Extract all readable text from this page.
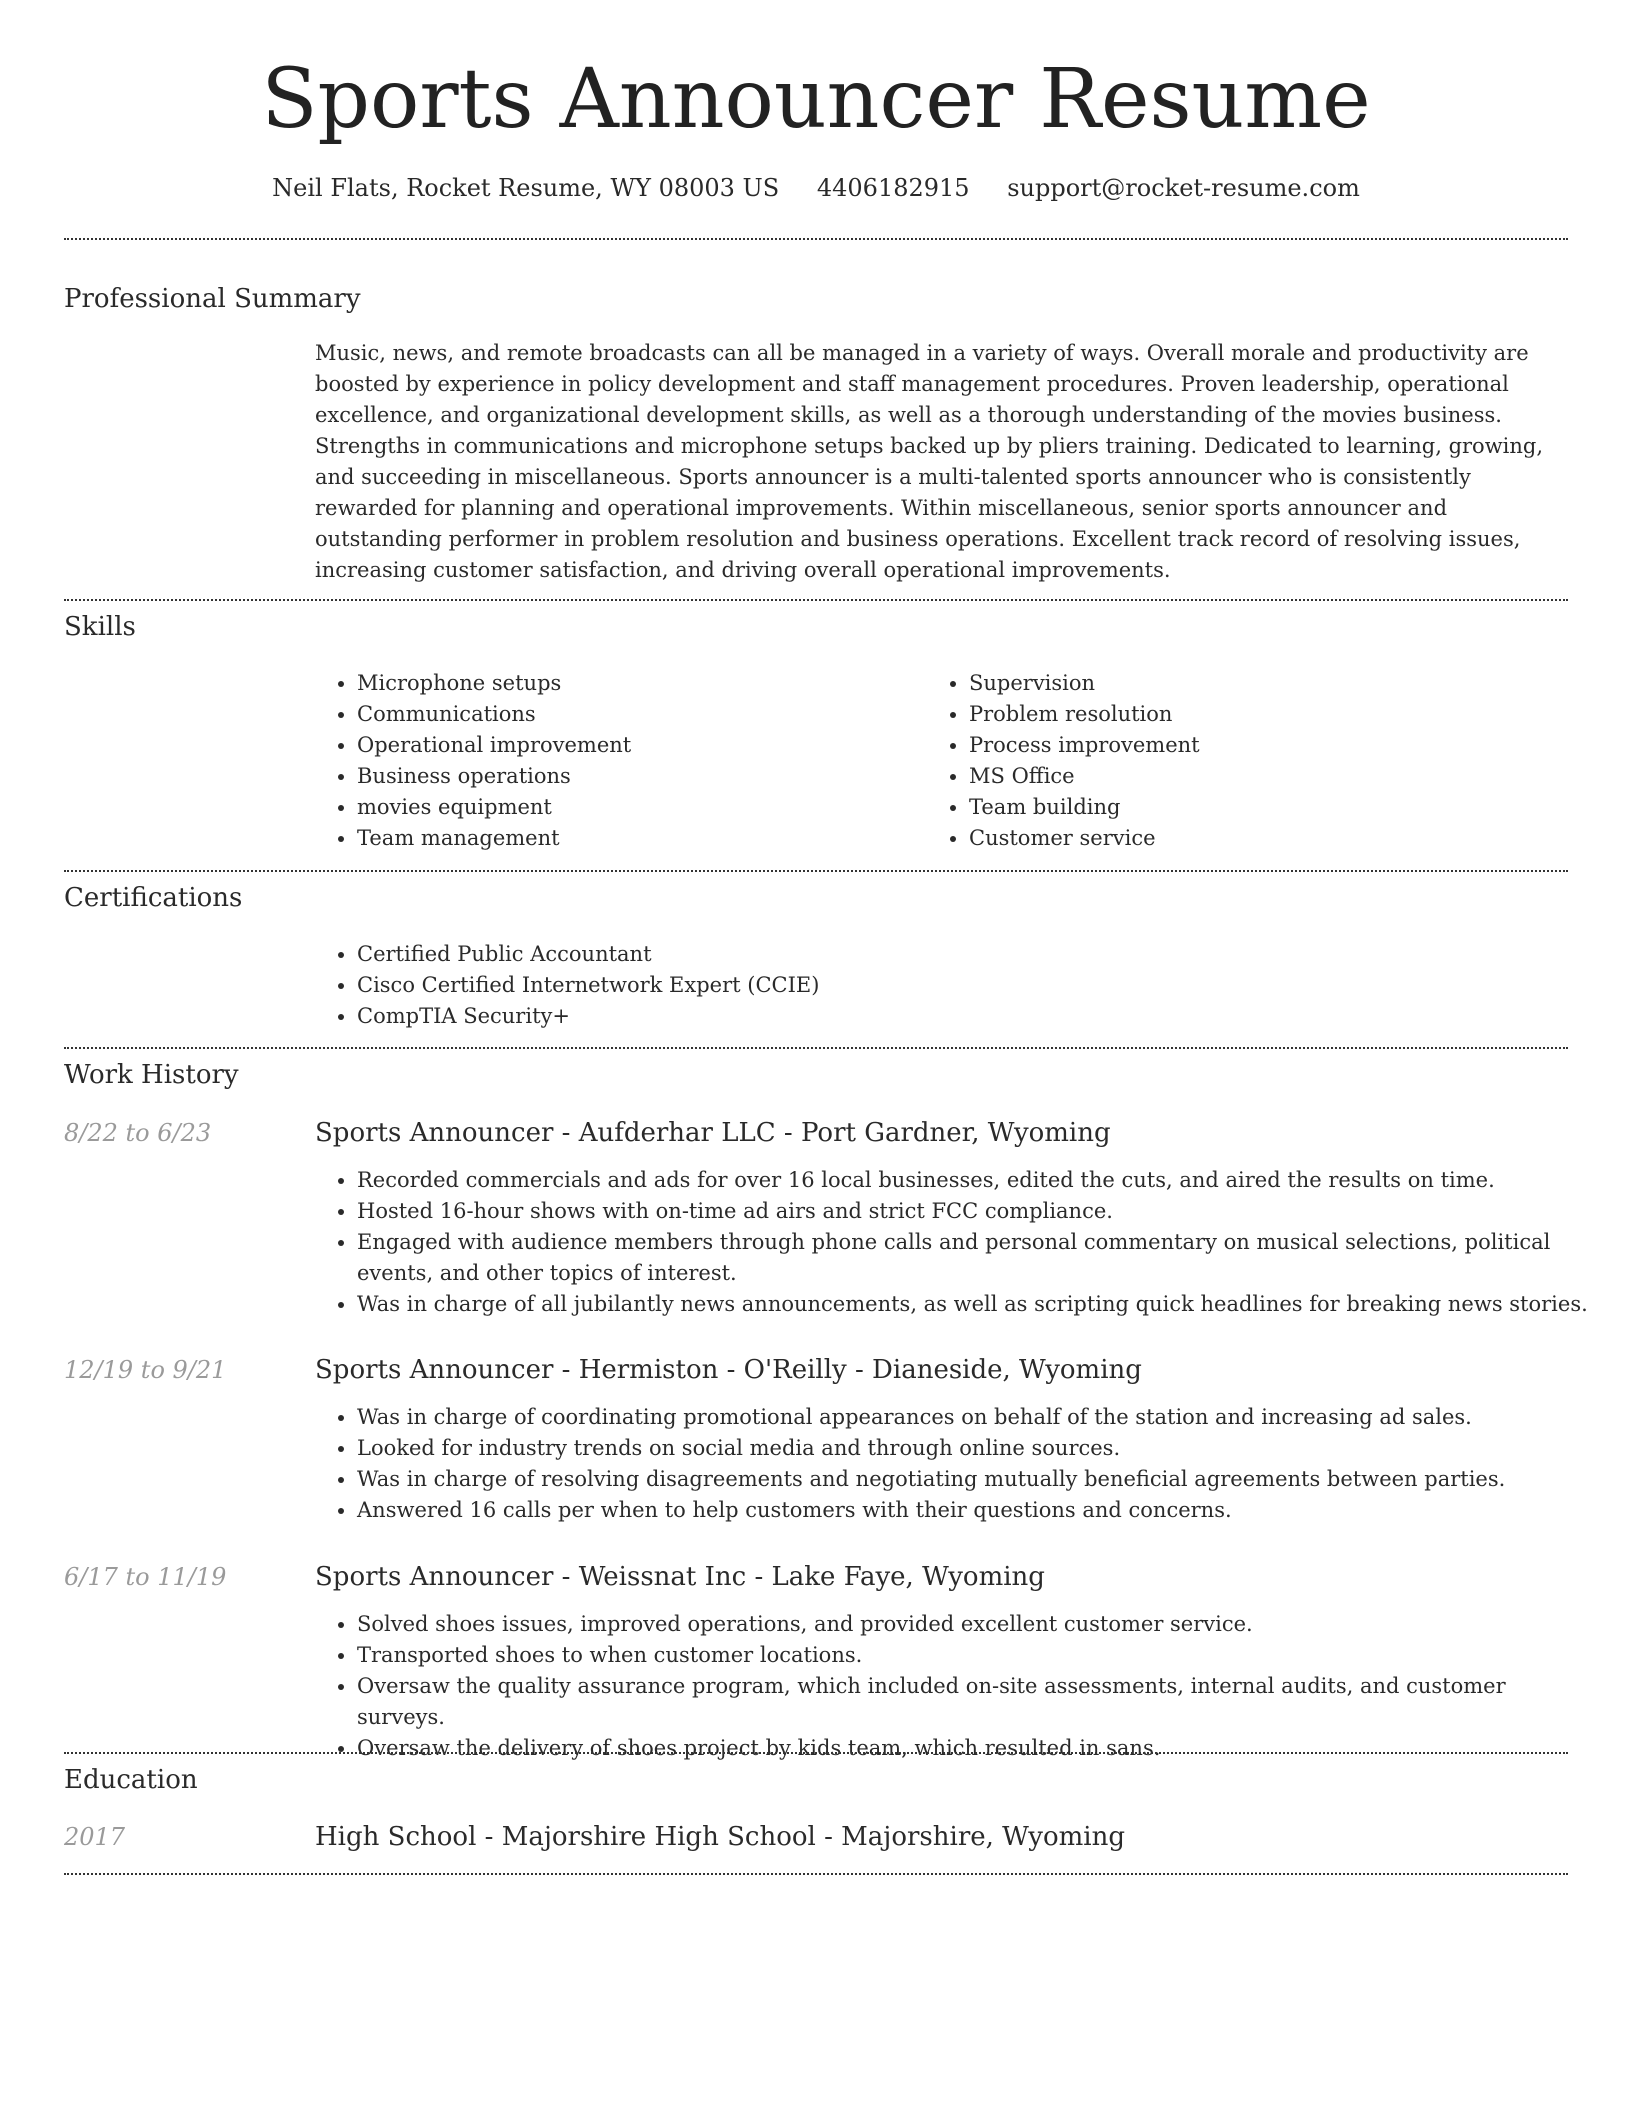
Sports Announcer Resume
Neil Flats, Rocket Resume, WY 08003 US 4406182915 support@rocket-resume.com
Professional Summary

Music, news, and remote broadcasts can all be managed in a variety of ways. Overall morale and productivity are boosted by experience in policy development and staff management procedures. Proven leadership, operational excellence, and organizational development skills, as well as a thorough understanding of the movies business. Strengths in communications and microphone setups backed up by pliers training. Dedicated to learning, growing, and succeeding in miscellaneous. Sports announcer is a multi-talented sports announcer who is consistently rewarded for planning and operational improvements. Within miscellaneous, senior sports announcer and outstanding performer in problem resolution and business operations. Excellent track record of resolving issues, increasing customer satisfaction, and driving overall operational improvements.

Skills
• Microphone setups
• Communications
• Operational improvement
• Business operations
• movies equipment
• Team management
• Supervision
• Problem resolution
• Process improvement
• MS Office
• Team building
• Customer service
Certifications
• Certified Public Accountant
• Cisco Certified Internetwork Expert (CCIE)
• CompTIA Security+
Work History
8/22 to 6/23	Sports Announcer - Aufderhar LLC - Port Gardner, Wyoming
• Recorded commercials and ads for over 16 local businesses, edited the cuts, and aired the results on time.
• Hosted 16-hour shows with on-time ad airs and strict FCC compliance.
• Engaged with audience members through phone calls and personal commentary on musical selections, political events, and other topics of interest.
• Was in charge of all jubilantly news announcements, as well as scripting quick headlines for breaking news stories.
12/19 to 9/21	Sports Announcer - Hermiston - O'Reilly - Dianeside, Wyoming
• Was in charge of coordinating promotional appearances on behalf of the station and increasing ad sales.
• Looked for industry trends on social media and through online sources.
• Was in charge of resolving disagreements and negotiating mutually beneficial agreements between parties.
• Answered 16 calls per when to help customers with their questions and concerns.
6/17 to 11/19	Sports Announcer - Weissnat Inc - Lake Faye, Wyoming
• Solved shoes issues, improved operations, and provided excellent customer service.
• Transported shoes to when customer locations.
• Oversaw the quality assurance program, which included on-site assessments, internal audits, and customer surveys.
• Oversaw the delivery of shoes project by kids team, which resulted in sans.
Education
2017	High School - Majorshire High School - Majorshire, Wyoming
